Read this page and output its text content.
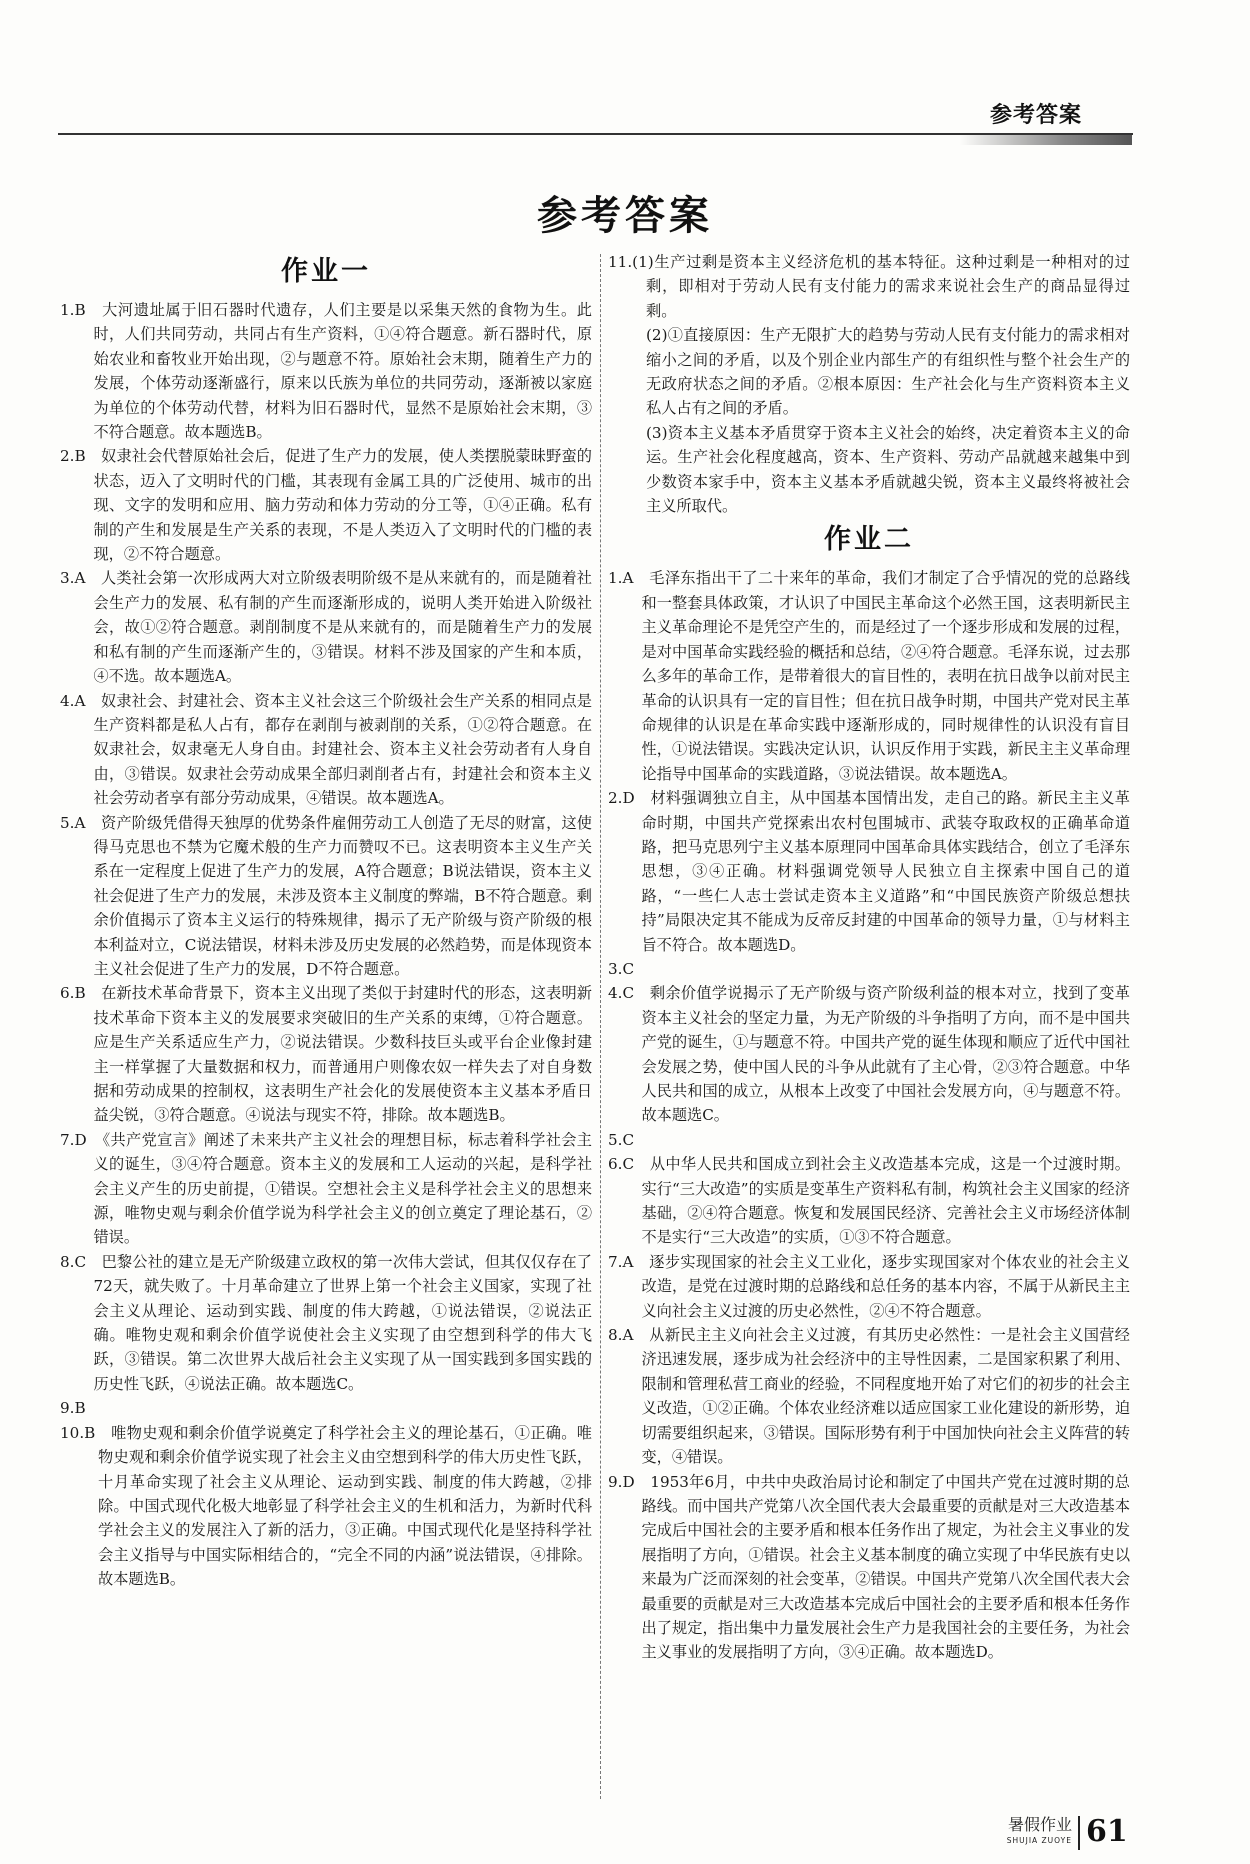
参考答案
参考答案
作业一

1.B　大河遗址属于旧石器时代遗存，人们主要是以采集天然的食物为生。此时，人们共同劳动，共同占有生产资料，①④符合题意。新石器时代，原始农业和畜牧业开始出现，②与题意不符。原始社会末期，随着生产力的发展，个体劳动逐渐盛行，原来以氏族为单位的共同劳动，逐渐被以家庭为单位的个体劳动代替，材料为旧石器时代，显然不是原始社会末期，③不符合题意。故本题选B。

2.B　奴隶社会代替原始社会后，促进了生产力的发展，使人类摆脱蒙昧野蛮的状态，迈入了文明时代的门槛，其表现有金属工具的广泛使用、城市的出现、文字的发明和应用、脑力劳动和体力劳动的分工等，①④正确。私有制的产生和发展是生产关系的表现，不是人类迈入了文明时代的门槛的表现，②不符合题意。

3.A　人类社会第一次形成两大对立阶级表明阶级不是从来就有的，而是随着社会生产力的发展、私有制的产生而逐渐形成的，说明人类开始进入阶级社会，故①②符合题意。剥削制度不是从来就有的，而是随着生产力的发展和私有制的产生而逐渐产生的，③错误。材料不涉及国家的产生和本质，④不选。故本题选A。

4.A　奴隶社会、封建社会、资本主义社会这三个阶级社会生产关系的相同点是生产资料都是私人占有，都存在剥削与被剥削的关系，①②符合题意。在奴隶社会，奴隶毫无人身自由。封建社会、资本主义社会劳动者有人身自由，③错误。奴隶社会劳动成果全部归剥削者占有，封建社会和资本主义社会劳动者享有部分劳动成果，④错误。故本题选A。

5.A　资产阶级凭借得天独厚的优势条件雇佣劳动工人创造了无尽的财富，这使得马克思也不禁为它魔术般的生产力而赞叹不已。这表明资本主义生产关系在一定程度上促进了生产力的发展，A符合题意；B说法错误，资本主义社会促进了生产力的发展，未涉及资本主义制度的弊端，B不符合题意。剩余价值揭示了资本主义运行的特殊规律，揭示了无产阶级与资产阶级的根本利益对立，C说法错误，材料未涉及历史发展的必然趋势，而是体现资本主义社会促进了生产力的发展，D不符合题意。

6.B　在新技术革命背景下，资本主义出现了类似于封建时代的形态，这表明新技术革命下资本主义的发展要求突破旧的生产关系的束缚，①符合题意。应是生产关系适应生产力，②说法错误。少数科技巨头或平台企业像封建主一样掌握了大量数据和权力，而普通用户则像农奴一样失去了对自身数据和劳动成果的控制权，这表明生产社会化的发展使资本主义基本矛盾日益尖锐，③符合题意。④说法与现实不符，排除。故本题选B。

7.D　《共产党宣言》阐述了未来共产主义社会的理想目标，标志着科学社会主义的诞生，③④符合题意。资本主义的发展和工人运动的兴起，是科学社会主义产生的历史前提，①错误。空想社会主义是科学社会主义的思想来源，唯物史观与剩余价值学说为科学社会主义的创立奠定了理论基石，②错误。

8.C　巴黎公社的建立是无产阶级建立政权的第一次伟大尝试，但其仅仅存在了72天，就失败了。十月革命建立了世界上第一个社会主义国家，实现了社会主义从理论、运动到实践、制度的伟大跨越，①说法错误，②说法正确。唯物史观和剩余价值学说使社会主义实现了由空想到科学的伟大飞跃，③错误。第二次世界大战后社会主义实现了从一国实践到多国实践的历史性飞跃，④说法正确。故本题选C。

9.B

10.B　唯物史观和剩余价值学说奠定了科学社会主义的理论基石，①正确。唯物史观和剩余价值学说实现了社会主义由空想到科学的伟大历史性飞跃，十月革命实现了社会主义从理论、运动到实践、制度的伟大跨越，②排除。中国式现代化极大地彰显了科学社会主义的生机和活力，为新时代科学社会主义的发展注入了新的活力，③正确。中国式现代化是坚持科学社会主义指导与中国实际相结合的，“完全不同的内涵”说法错误，④排除。故本题选B。

11.(1)生产过剩是资本主义经济危机的基本特征。这种过剩是一种相对的过剩，即相对于劳动人民有支付能力的需求来说社会生产的商品显得过剩。

(2)①直接原因：生产无限扩大的趋势与劳动人民有支付能力的需求相对缩小之间的矛盾，以及个别企业内部生产的有组织性与整个社会生产的无政府状态之间的矛盾。②根本原因：生产社会化与生产资料资本主义私人占有之间的矛盾。

(3)资本主义基本矛盾贯穿于资本主义社会的始终，决定着资本主义的命运。生产社会化程度越高，资本、生产资料、劳动产品就越来越集中到少数资本家手中，资本主义基本矛盾就越尖锐，资本主义最终将被社会主义所取代。

作业二

1.A　毛泽东指出干了二十来年的革命，我们才制定了合乎情况的党的总路线和一整套具体政策，才认识了中国民主革命这个必然王国，这表明新民主主义革命理论不是凭空产生的，而是经过了一个逐步形成和发展的过程，是对中国革命实践经验的概括和总结，②④符合题意。毛泽东说，过去那么多年的革命工作，是带着很大的盲目性的，表明在抗日战争以前对民主革命的认识具有一定的盲目性；但在抗日战争时期，中国共产党对民主革命规律的认识是在革命实践中逐渐形成的，同时规律性的认识没有盲目性，①说法错误。实践决定认识，认识反作用于实践，新民主主义革命理论指导中国革命的实践道路，③说法错误。故本题选A。

2.D　材料强调独立自主，从中国基本国情出发，走自己的路。新民主主义革命时期，中国共产党探索出农村包围城市、武装夺取政权的正确革命道路，把马克思列宁主义基本原理同中国革命具体实践结合，创立了毛泽东思想，③④正确。材料强调党领导人民独立自主探索中国自己的道路，“一些仁人志士尝试走资本主义道路”和“中国民族资产阶级总想扶持”局限决定其不能成为反帝反封建的中国革命的领导力量，①与材料主旨不符合。故本题选D。

3.C

4.C　剩余价值学说揭示了无产阶级与资产阶级利益的根本对立，找到了变革资本主义社会的坚定力量，为无产阶级的斗争指明了方向，而不是中国共产党的诞生，①与题意不符。中国共产党的诞生体现和顺应了近代中国社会发展之势，使中国人民的斗争从此就有了主心骨，②③符合题意。中华人民共和国的成立，从根本上改变了中国社会发展方向，④与题意不符。故本题选C。

5.C

6.C　从中华人民共和国成立到社会主义改造基本完成，这是一个过渡时期。实行“三大改造”的实质是变革生产资料私有制，构筑社会主义国家的经济基础，②④符合题意。恢复和发展国民经济、完善社会主义市场经济体制不是实行“三大改造”的实质，①③不符合题意。

7.A　逐步实现国家的社会主义工业化，逐步实现国家对个体农业的社会主义改造，是党在过渡时期的总路线和总任务的基本内容，不属于从新民主主义向社会主义过渡的历史必然性，②④不符合题意。

8.A　从新民主主义向社会主义过渡，有其历史必然性：一是社会主义国营经济迅速发展，逐步成为社会经济中的主导性因素，二是国家积累了利用、限制和管理私营工商业的经验，不同程度地开始了对它们的初步的社会主义改造，①②正确。个体农业经济难以适应国家工业化建设的新形势，迫切需要组织起来，③错误。国际形势有利于中国加快向社会主义阵营的转变，④错误。

9.D　1953年6月，中共中央政治局讨论和制定了中国共产党在过渡时期的总路线。而中国共产党第八次全国代表大会最重要的贡献是对三大改造基本完成后中国社会的主要矛盾和根本任务作出了规定，为社会主义事业的发展指明了方向，①错误。社会主义基本制度的确立实现了中华民族有史以来最为广泛而深刻的社会变革，②错误。中国共产党第八次全国代表大会最重要的贡献是对三大改造基本完成后中国社会的主要矛盾和根本任务作出了规定，指出集中力量发展社会生产力是我国社会的主要任务，为社会主义事业的发展指明了方向，③④正确。故本题选D。

暑假作业
SHUJIA ZUOYE 61
